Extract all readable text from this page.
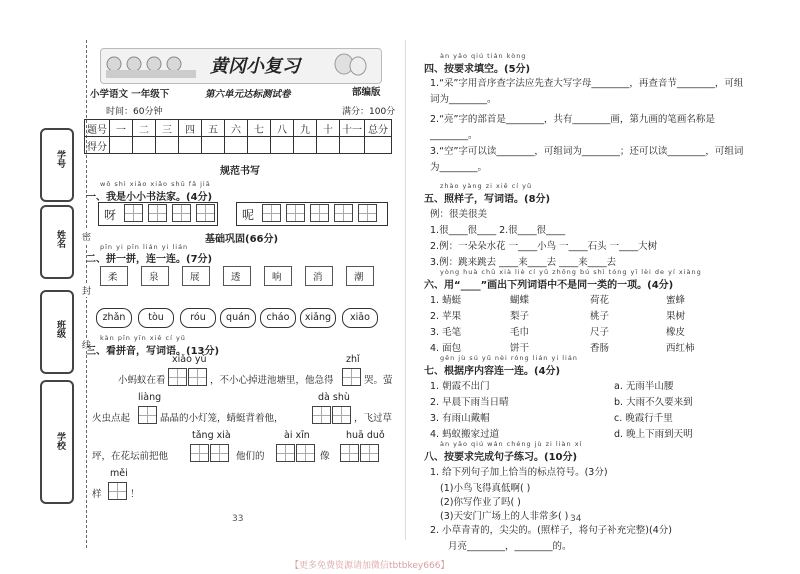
学号
姓名
班级
学校
密
封
线
黄冈小复习
小学语文 一年级下	第六单元达标测试卷	部编版
时间：60分钟	满分：100分
题号	一	二	三	四	五	六	七	八	九	十	十一	总分
得分												
规范书写
wǒ shì xiǎo xiǎo shū fǎ jiā
一、我是小小书法家。(4分)
呀	呢
基础巩固(66分)
pīn yi pīn lián yi lián
二、拼一拼，连一连。(7分)
柔	泉	展	透	响	消	潮
zhǎn	tòu	róu	quán	cháo	xiǎng	xiāo
kàn pīn yīn xiě cí yǔ
三、看拼音，写词语。(13分)
xiǎo yǔ	zhǐ
小蚂蚁在看	，不小心掉进池塘里，他急得	哭。萤
liàng	dà shù
火虫点起	晶晶的小灯笼，蜻蜓背着他，	，飞过草
tǎng xià	ài xīn	huā duǒ
坪，在花坛前把他	他们的	像
měi
样	！
33
àn yāo qiú tián kòng
四、按要求填空。(5分)
1.“采”字用音序查字法应先查大写字母________，再查音节________，可组词为________。
2.“亮”字的部首是________，共有________画，第九画的笔画名称是________。
3.“空”字可以读________，可组词为________；还可以读________，可组词为________。
zhào yàng zi xiě cí yǔ
五、照样子，写词语。(8分)
例：很美很美
1.很____很____ 2.很____很____
2.例：一朵朵水花 一____小鸟 一____石头 一____大树
3.例：跳来跳去 ____来____去 ____来____去
yòng huà chū xià liè cí yǔ zhōng bú shì tóng yī lèi de yí xiàng
六、用“____”画出下列词语中不是同一类的一项。(4分)
1. 蜻蜓	蝴蝶	荷花	蜜蜂
2. 苹果	梨子	桃子	果树
3. 毛笔	毛巾	尺子	橡皮
4. 面包	饼干	香肠	西红柿
gēn jù sú yǔ nèi róng lián yi lián
七、根据序内容连一连。(4分)
1. 朝霞不出门
2. 早晨下雨当日晴
3. 有雨山戴帽
4. 蚂蚁搬家过道
a. 无雨半山腰
b. 大雨不久要来到
c. 晚霞行千里
d. 晚上下雨到天明
àn yāo qiú wán chéng jù zi liàn xí
八、按要求完成句子练习。(10分)
1. 给下列句子加上恰当的标点符号。(3分)
(1)小鸟飞得真低啊( )
(2)你写作业了吗( )
(3)天安门广场上的人非常多( )
2. 小草青青的，尖尖的。(照样子，将句子补充完整)(4分)
月亮________，________的。
34
【更多免费资源请加微信tbtbkey666】
